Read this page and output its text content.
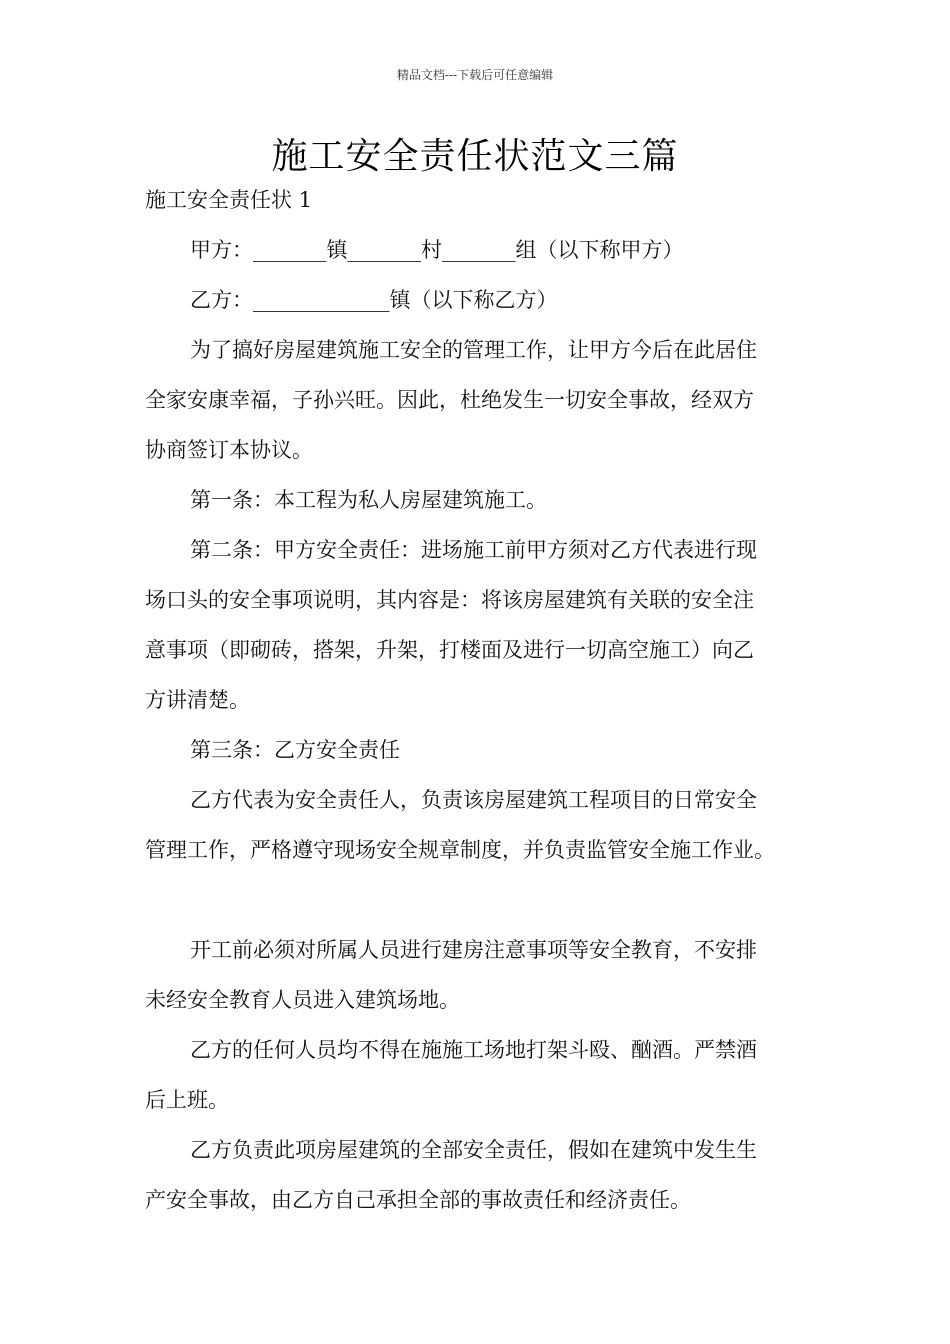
精品文档---下载后可任意编辑
施工安全责任状范文三篇
施工安全责任状 1
甲方：_______镇_______村_______组（以下称甲方）
乙方：_____________镇（以下称乙方）
为了搞好房屋建筑施工安全的管理工作，让甲方今后在此居住
全家安康幸福，子孙兴旺。因此，杜绝发生一切安全事故，经双方
协商签订本协议。
第一条：本工程为私人房屋建筑施工。
第二条：甲方安全责任：进场施工前甲方须对乙方代表进行现
场口头的安全事项说明，其内容是：将该房屋建筑有关联的安全注
意事项（即砌砖，搭架，升架，打楼面及进行一切高空施工）向乙
方讲清楚。
第三条：乙方安全责任
乙方代表为安全责任人，负责该房屋建筑工程项目的日常安全
管理工作，严格遵守现场安全规章制度，并负责监管安全施工作业。
开工前必须对所属人员进行建房注意事项等安全教育，不安排
未经安全教育人员进入建筑场地。
乙方的任何人员均不得在施施工场地打架斗殴、酗酒。严禁酒
后上班。
乙方负责此项房屋建筑的全部安全责任，假如在建筑中发生生
产安全事故，由乙方自己承担全部的事故责任和经济责任。
